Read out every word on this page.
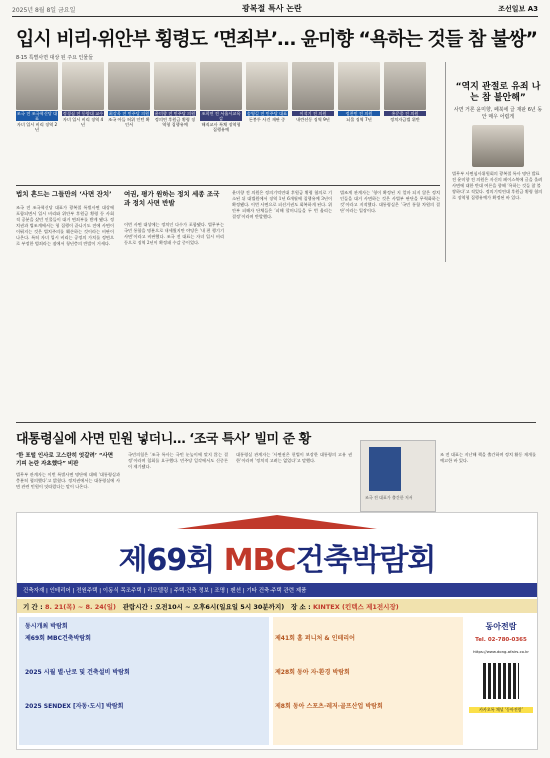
2025년 8월 8일 금요일	광복절 특사 논란	조선일보 A3
입시 비리·위안부 횡령도 ‘면죄부’… 윤미향 “욕하는 것들 참 불쌍”
8·15 특별사면 대상 된 주요 인물들
조국 전 조국혁신당 대표
자녀 입시 비리 징역 2년
정경심 전 동양대 교수
자녀 입시 비리 징역 4년
최강욱 전 민주당 의원
조국 아들 허위 인턴 확인서
윤미향 전 민주당 의원
정의연 후원금 횡령 징역형 집행유예
조희연 전 서울시교육감
해직교사 특채 징역형 집행유예
송영길 전 민주당 대표
돈봉투 사건 재판 중
이석기 전 의원
내란선동 징역 9년
정찬민 전 의원
뇌물 징역 7년
홍문종 전 의원
정치자금법 위반
“역지 관절로 유죄 나는 참 불안해”
사면 거론 윤미향, 페북에 글 재판 6년 동안 매우 어렵게
법무부 사면심사위원회의 광복절 특사 명단 발표 전 윤미향 전 의원은 자신의 페이스북에 글을 올려 사면에 대한 반대 여론을 향해 ‘욕하는 것들 참 불쌍하다’고 적었다. 정의기억연대 후원금 횡령 혐의로 징역형 집행유예가 확정된 바 있다.
법치 흔드는 그들만의 ‘사면 잔치’
조국 전 조국혁신당 대표가 광복절 특별사면 대상에 포함되면서 입시 비리와 위안부 후원금 횡령 등 사회적 공분을 샀던 인물들이 대거 면죄부를 받게 됐다. 정치권과 법조계에서는 형 집행이 끝나기도 전에 사면이 이뤄지는 것은 법치주의를 훼손하는 것이라는 비판이 나온다. 특히 자녀 입시 비리는 공정의 가치를 정면으로 부정한 범죄라는 점에서 청년층의 반발이 거세다.
여권, 평가 원하는 정치 세종 조국 과 정치 사면 반발
이번 사면 대상에는 정치인 다수가 포함됐다. 법무부는 국민 통합을 명분으로 내세웠지만 야당은 ‘내 편 챙기기 사면’이라고 비판했다. 조국 전 대표는 자녀 입시 비리 등으로 징역 2년이 확정돼 수감 중이었다.
윤미향 전 의원은 정의기억연대 후원금 횡령 혐의로 기소된 뒤 대법원에서 징역 1년 6개월에 집행유예 3년이 확정됐다. 이번 사면으로 피선거권도 회복하게 된다. 위안부 피해자 단체들은 ‘피해 할머니들을 두 번 울리는 결정’이라며 반발했다.
법조계 관계자는 ‘형이 확정된 지 얼마 되지 않은 정치인들을 대거 사면하는 것은 사법부 판단을 무력화하는 것’이라고 지적했다. 대통령실은 ‘국민 통합 차원의 결단’이라는 입장이다.
대통령실에 사면 민원 넣더니… ‘조국 특사’ 빌미 준 황
‘한 포털 인사로 고스란히 엇갈려’ “사면 기피 논란 자초했다” 비판
법무부 관계자는 이번 특별사면 명단에 대해 ‘대통령실과 충분히 협의했다’고 밝혔다. 정치권에서는 대통령실에 사면 관련 민원이 잇따랐다는 말이 나온다.
국민의힘은 ‘조국 특사는 국민 눈높이에 맞지 않는 결정’이라며 철회를 요구했다. 민주당 일각에서도 신중론이 제기됐다.
대통령실 관계자는 ‘사면권은 헌법이 보장한 대통령의 고유 권한’이라며 ‘정치적 고려는 없었다’고 말했다.
조국 전 대표가 출간한 저서
조 전 대표는 지난해 책을 출간하며 정치 활동 재개를 예고한 바 있다.
제69회 MBC건축박람회
건축자재 | 인테리어 | 전원주택 | 이동식 목조주택 | 리모델링 | 주택·건축 정보 | 조명 | 펜션 | 기타 건축·주택 관련 제품
기 간 : 8. 21(목) ~ 8. 24(일) 관람시간 : 오전10시 ~ 오후6시(일요일 5시 30분까지) 장 소 : KINTEX (킨텍스 제1전시장)
동시개최 박람회
제69회 MBC건축박람회	제41회 홈 퍼니처 & 인테리어
2025 시월 별·난로 및 건축설비 박람회	제28회 동아 자·환경 박람회
2025 SENDEX [자동·도시] 박람회	제8회 동아 스포츠·레저·골프산업 박람회
동아전람
Tel. 02-780-0365
https://www.dong-afairs.co.kr
카카오톡 채널 ‘동아전람’
